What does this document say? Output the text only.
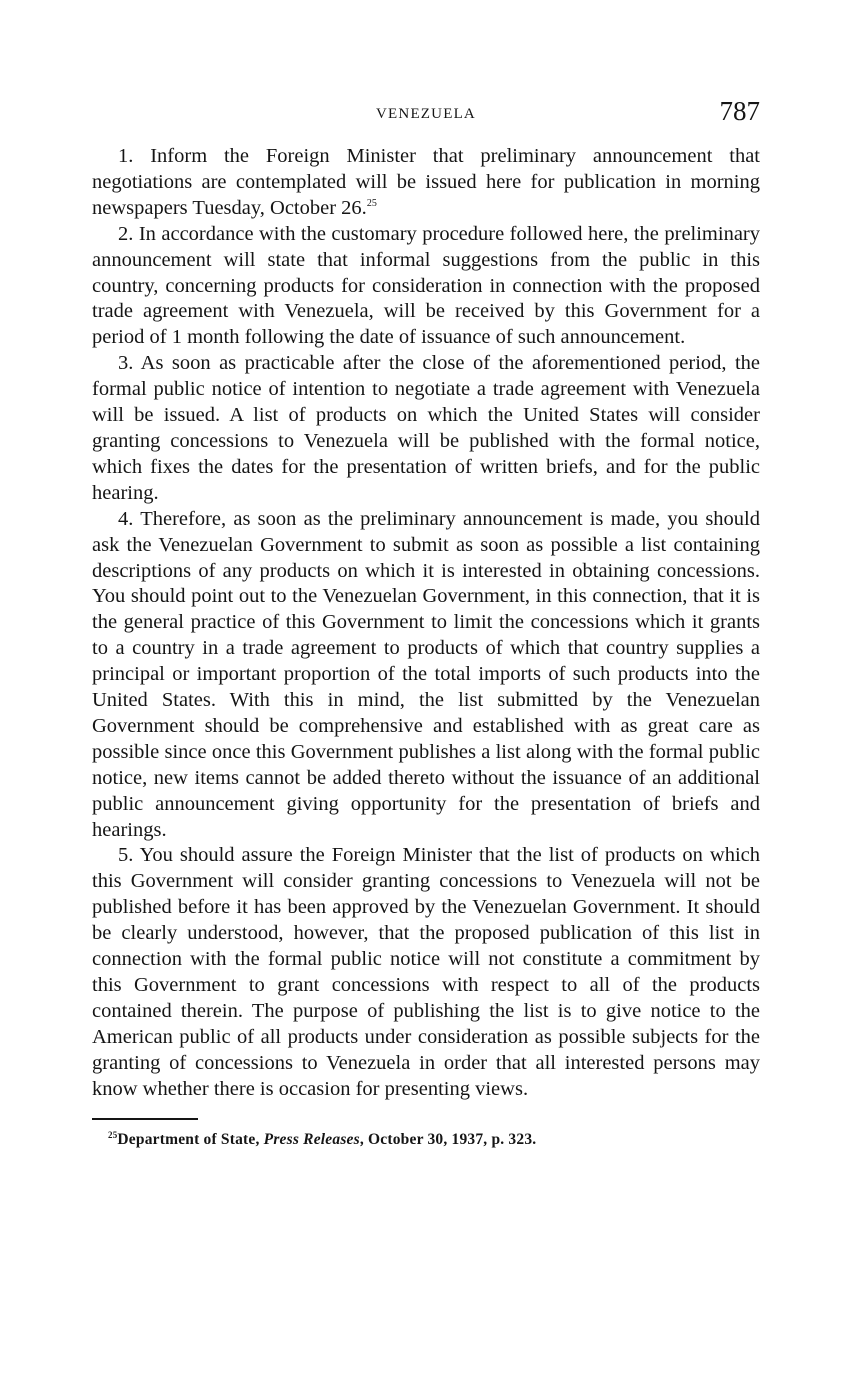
VENEZUELA	787

1. Inform the Foreign Minister that preliminary announcement that negotiations are contemplated will be issued here for publication in morning newspapers Tuesday, October 26.25

2. In accordance with the customary procedure followed here, the preliminary announcement will state that informal suggestions from the public in this country, concerning products for consideration in connection with the proposed trade agreement with Venezuela, will be received by this Government for a period of 1 month following the date of issuance of such announcement.

3. As soon as practicable after the close of the aforementioned period, the formal public notice of intention to negotiate a trade agreement with Venezuela will be issued. A list of products on which the United States will consider granting concessions to Venezuela will be published with the formal notice, which fixes the dates for the presentation of written briefs, and for the public hearing.

4. Therefore, as soon as the preliminary announcement is made, you should ask the Venezuelan Government to submit as soon as possible a list containing descriptions of any products on which it is interested in obtaining concessions. You should point out to the Venezuelan Government, in this connection, that it is the general practice of this Government to limit the concessions which it grants to a country in a trade agreement to products of which that country supplies a principal or important proportion of the total imports of such products into the United States. With this in mind, the list submitted by the Venezuelan Government should be comprehensive and established with as great care as possible since once this Government publishes a list along with the formal public notice, new items cannot be added thereto without the issuance of an additional public announcement giving opportunity for the presentation of briefs and hearings.

5. You should assure the Foreign Minister that the list of products on which this Government will consider granting concessions to Venezuela will not be published before it has been approved by the Venezuelan Government. It should be clearly understood, however, that the proposed publication of this list in connection with the formal public notice will not constitute a commitment by this Government to grant concessions with respect to all of the products contained therein. The purpose of publishing the list is to give notice to the American public of all products under consideration as possible subjects for the granting of concessions to Venezuela in order that all interested persons may know whether there is occasion for presenting views.

$^{25}$Department of State, Press Releases, October 30, 1937, p. 323.
